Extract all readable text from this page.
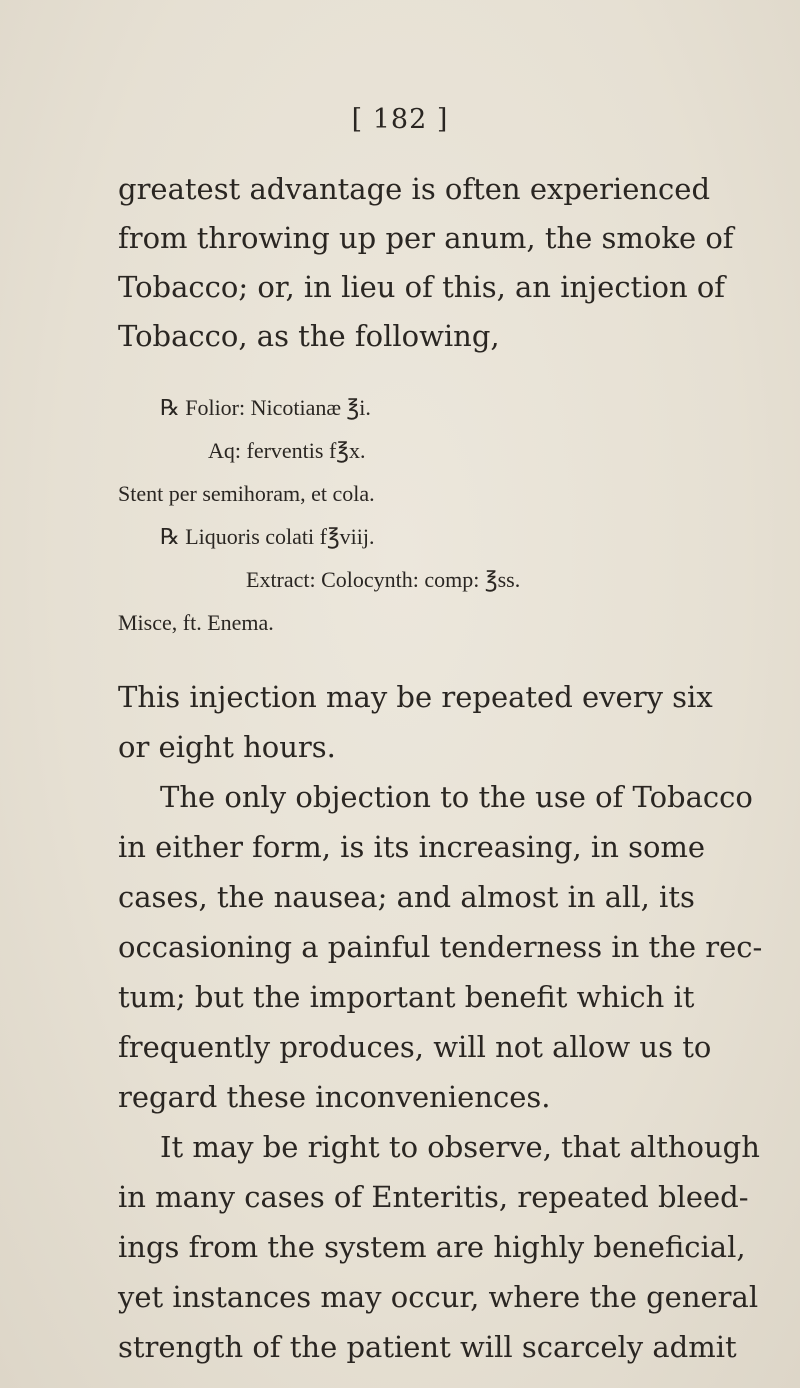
[ 182 ]
greatest advantage is often experienced
from throwing up per anum, the smoke of
Tobacco; or, in lieu of this, an injection of
Tobacco, as the following,
℞ Folior: Nicotianæ ℥i.
Aq: ferventis f℥x.
Stent per semihoram, et cola.
℞ Liquoris colati f℥viij.
Extract: Colocynth: comp: ℥ss.
Misce, ft. Enema.
This injection may be repeated every six
or eight hours.
The only objection to the use of Tobacco
in either form, is its increasing, in some
cases, the nausea; and almost in all, its
occasioning a painful tenderness in the rec-
tum; but the important benefit which it
frequently produces, will not allow us to
regard these inconveniences.
It may be right to observe, that although
in many cases of Enteritis, repeated bleed-
ings from the system are highly beneficial,
yet instances may occur, where the general
strength of the patient will scarcely admit
